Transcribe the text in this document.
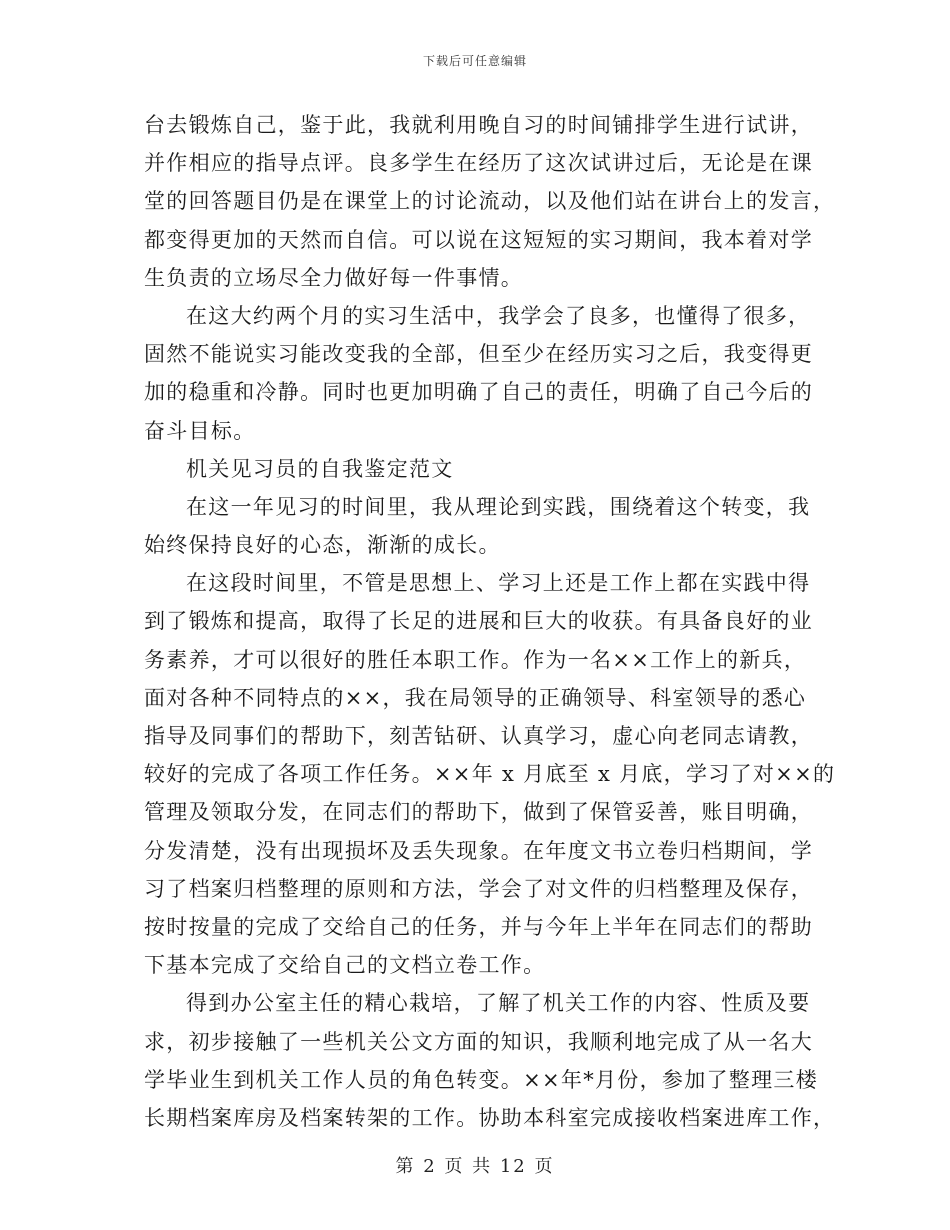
下载后可任意编辑
台去锻炼自己，鉴于此，我就利用晚自习的时间铺排学生进行试讲，
并作相应的指导点评。良多学生在经历了这次试讲过后，无论是在课
堂的回答题目仍是在课堂上的讨论流动，以及他们站在讲台上的发言，
都变得更加的天然而自信。可以说在这短短的实习期间，我本着对学
生负责的立场尽全力做好每一件事情。
在这大约两个月的实习生活中，我学会了良多，也懂得了很多，
固然不能说实习能改变我的全部，但至少在经历实习之后，我变得更
加的稳重和冷静。同时也更加明确了自己的责任，明确了自己今后的
奋斗目标。
机关见习员的自我鉴定范文
在这一年见习的时间里，我从理论到实践，围绕着这个转变，我
始终保持良好的心态，渐渐的成长。
在这段时间里，不管是思想上、学习上还是工作上都在实践中得
到了锻炼和提高，取得了长足的进展和巨大的收获。有具备良好的业
务素养，才可以很好的胜任本职工作。作为一名××工作上的新兵，
面对各种不同特点的××，我在局领导的正确领导、科室领导的悉心
指导及同事们的帮助下，刻苦钻研、认真学习，虚心向老同志请教，
较好的完成了各项工作任务。××年 x 月底至 x 月底，学习了对××的
管理及领取分发，在同志们的帮助下，做到了保管妥善，账目明确，
分发清楚，没有出现损坏及丢失现象。在年度文书立卷归档期间，学
习了档案归档整理的原则和方法，学会了对文件的归档整理及保存，
按时按量的完成了交给自己的任务，并与今年上半年在同志们的帮助
下基本完成了交给自己的文档立卷工作。
得到办公室主任的精心栽培，了解了机关工作的内容、性质及要
求，初步接触了一些机关公文方面的知识，我顺利地完成了从一名大
学毕业生到机关工作人员的角色转变。××年*月份，参加了整理三楼
长期档案库房及档案转架的工作。协助本科室完成接收档案进库工作，
第 2 页 共 12 页
